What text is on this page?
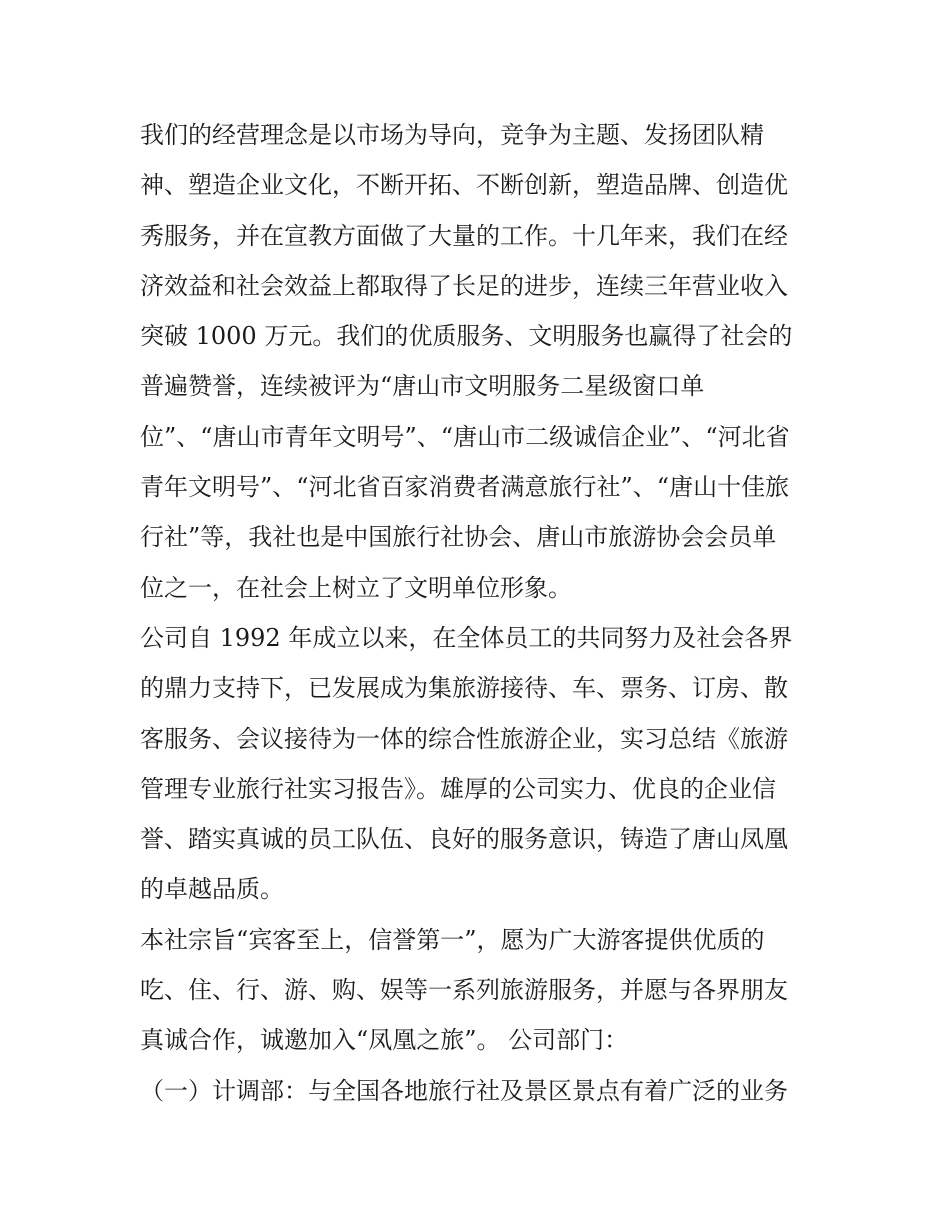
我们的经营理念是以市场为导向，竞争为主题、发扬团队精
神、塑造企业文化，不断开拓、不断创新，塑造品牌、创造优
秀服务，并在宣教方面做了大量的工作。十几年来，我们在经
济效益和社会效益上都取得了长足的进步，连续三年营业收入
突破 1000 万元。我们的优质服务、文明服务也赢得了社会的
普遍赞誉，连续被评为“唐山市文明服务二星级窗口单
位”、“唐山市青年文明号”、“唐山市二级诚信企业”、“河北省
青年文明号”、“河北省百家消费者满意旅行社”、“唐山十佳旅
行社”等，我社也是中国旅行社协会、唐山市旅游协会会员单
位之一，在社会上树立了文明单位形象。
公司自 1992 年成立以来，在全体员工的共同努力及社会各界
的鼎力支持下，已发展成为集旅游接待、车、票务、订房、散
客服务、会议接待为一体的综合性旅游企业，实习总结《旅游
管理专业旅行社实习报告》。雄厚的公司实力、优良的企业信
誉、踏实真诚的员工队伍、良好的服务意识，铸造了唐山凤凰
的卓越品质。
本社宗旨“宾客至上，信誉第一”，愿为广大游客提供优质的
吃、住、行、游、购、娱等一系列旅游服务，并愿与各界朋友
真诚合作，诚邀加入“凤凰之旅”。 公司部门：
（一）计调部：与全国各地旅行社及景区景点有着广泛的业务
